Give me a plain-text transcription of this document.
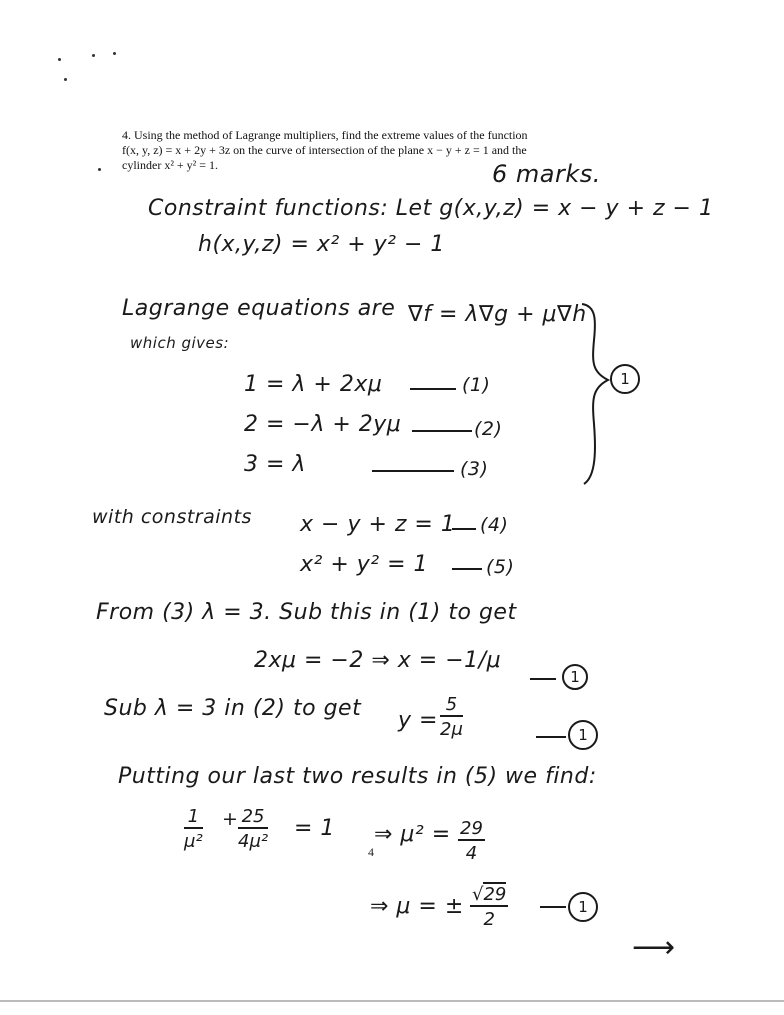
4. Using the method of Lagrange multipliers, find the extreme values of the function
f(x, y, z) = x + 2y + 3z on the curve of intersection of the plane x − y + z = 1 and the
cylinder x² + y² = 1.	6 marks.
Constraint functions: Let g(x,y,z) = x − y + z − 1
h(x,y,z) = x² + y² − 1
Lagrange equations are ∇f = λ∇g + μ∇h
which gives:
1 = λ + 2xμ	(1)
2 = −λ + 2yμ	(2)
3 = λ	(3)
1
with constraints x − y + z = 1 (4)
x² + y² = 1	(5)
From (3) λ = 3. Sub this in (1) to get
2xμ = −2 ⇒ x = −1/μ
1
Sub λ = 3 in (2) to get $y = \frac{5}{2\mu}$	1
Putting our last two results in (5) we find:
$\frac{1}{\text{μ²}} + \frac{25}{\text{4μ²}} = 1$ ⇒ $\mu^2 = \frac{29}{4}$
4
⇒ μ = ± $\frac{√29}{2}$	1
⟶
